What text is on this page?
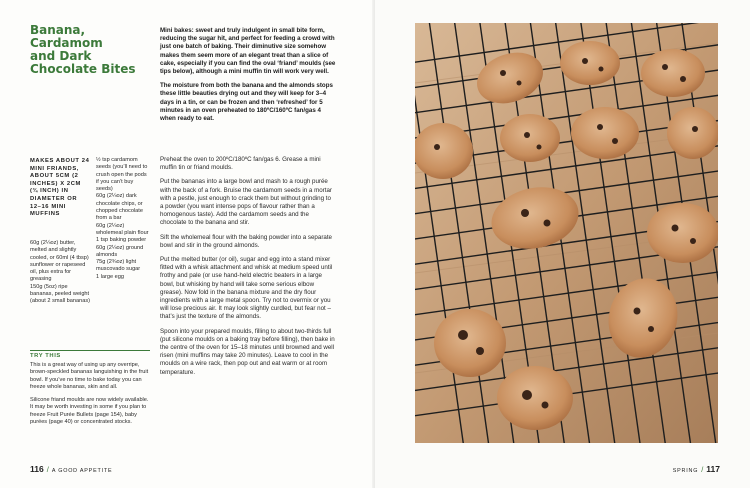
Banana,
Cardamom
and Dark
Chocolate Bites

Mini bakes: sweet and truly indulgent in small bite form, reducing the sugar hit, and perfect for feeding a crowd with just one batch of baking. Their diminutive size somehow makes them seem more of an elegant treat than a slice of cake, especially if you can find the oval ‘friand’ moulds (see tips below), although a mini muffin tin will work very well.

The moisture from both the banana and the almonds stops these little beauties drying out and they will keep for 3–4 days in a tin, or can be frozen and then ‘refreshed’ for 5 minutes in an oven preheated to 180ºC/160ºC fan/gas 4 when ready to eat.

MAKES ABOUT 24 MINI FRIANDS, ABOUT 5CM (2 INCHES) X 2CM (¾ INCH) IN DIAMETER OR 12–16 MINI MUFFINS

60g (2¼oz) butter, melted and slightly cooled, or 60ml (4 tbsp) sunflower or rapeseed oil, plus extra for greasing

150g (5oz) ripe bananas, peeled weight (about 2 small bananas)

½ tsp cardamom seeds (you’ll need to crush open the pods if you can’t buy seeds)

60g (2¼oz) dark chocolate chips, or chopped chocolate from a bar

60g (2¼oz) wholemeal plain flour

1 tsp baking powder

60g (2¼oz) ground almonds

75g (2¾oz) light muscovado sugar

1 large egg

Preheat the oven to 200ºC/180ºC fan/gas 6. Grease a mini muffin tin or friand moulds.

Put the bananas into a large bowl and mash to a rough purée with the back of a fork. Bruise the cardamom seeds in a mortar with a pestle, just enough to crack them but without grinding to a powder (you want intense pops of flavour rather than a homogenous taste). Add the cardamom seeds and the chocolate to the banana and stir.

Sift the wholemeal flour with the baking powder into a separate bowl and stir in the ground almonds.

Put the melted butter (or oil), sugar and egg into a stand mixer fitted with a whisk attachment and whisk at medium speed until frothy and pale (or use hand-held electric beaters in a large bowl, but whisking by hand will take some serious elbow grease). Now fold in the banana mixture and the dry flour ingredients with a large metal spoon. Try not to overmix or you will lose precious air. It may look slightly curdled, but fear not – that’s just the texture of the almonds.

Spoon into your prepared moulds, filling to about two-thirds full (put silicone moulds on a baking tray before filling), then bake in the centre of the oven for 15–18 minutes until browned and well risen (mini muffins may take 20 minutes). Leave to cool in the moulds on a wire rack, then pop out and eat warm or at room temperature.

TRY THIS

This is a great way of using up any overripe, brown-speckled bananas languishing in the fruit bowl. If you’ve no time to bake today you can freeze whole bananas, skin and all.

Silicone friand moulds are now widely available. It may be worth investing in some if you plan to freeze Fruit Purée Bullets (page 154), baby purées (page 40) or concentrated stocks.

116 / A GOOD APPETITE	SPRING / 117
